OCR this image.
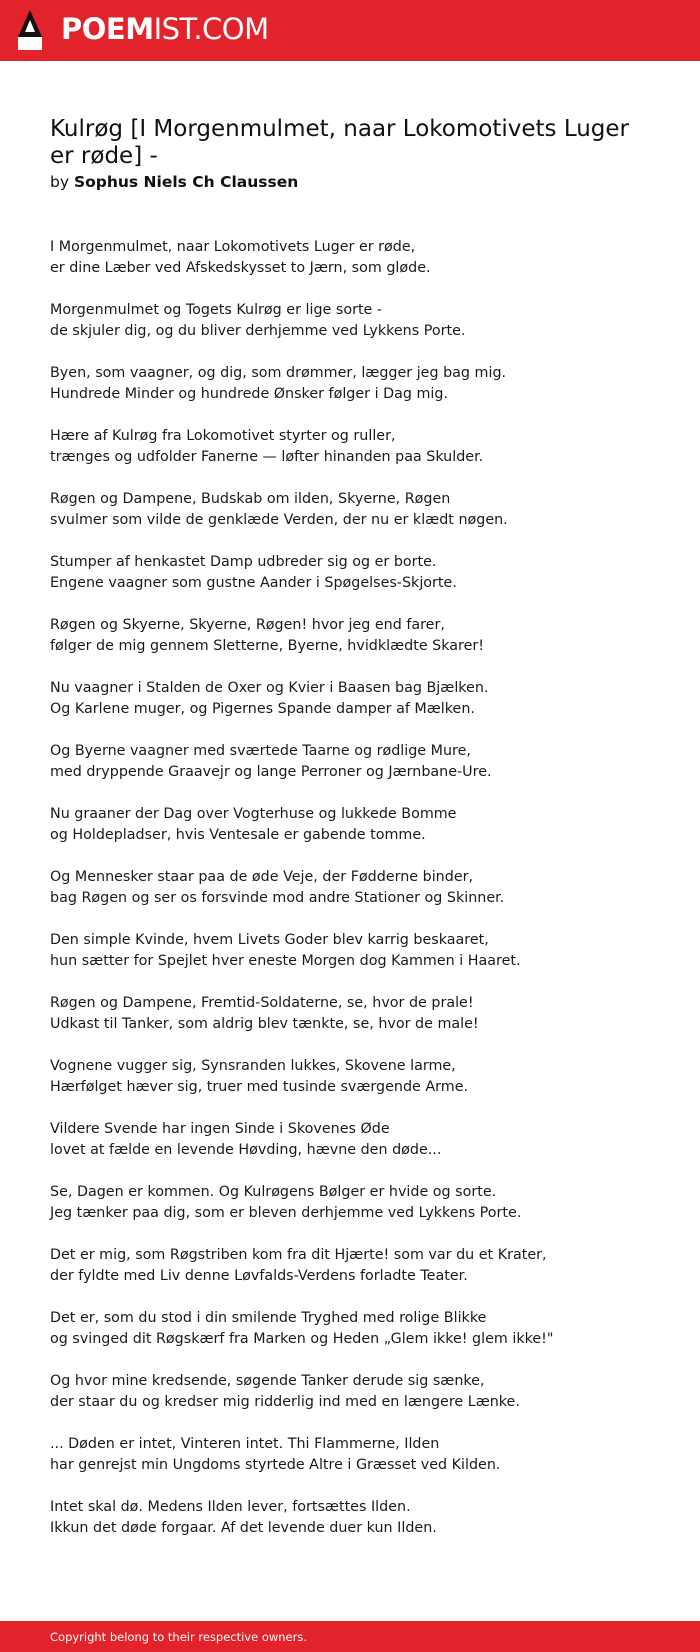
POEMIST.COM
Kulrøg [I Morgenmulmet, naar Lokomotivets Luger er røde] -
by Sophus Niels Ch Claussen
I Morgenmulmet, naar Lokomotivets Luger er røde,
er dine Læber ved Afskedskysset to Jærn, som gløde.
Morgenmulmet og Togets Kulrøg er lige sorte -
de skjuler dig, og du bliver derhjemme ved Lykkens Porte.
Byen, som vaagner, og dig, som drømmer, lægger jeg bag mig.
Hundrede Minder og hundrede Ønsker følger i Dag mig.
Hære af Kulrøg fra Lokomotivet styrter og ruller,
trænges og udfolder Fanerne — løfter hinanden paa Skulder.
Røgen og Dampene, Budskab om ilden, Skyerne, Røgen
svulmer som vilde de genklæde Verden, der nu er klædt nøgen.
Stumper af henkastet Damp udbreder sig og er borte.
Engene vaagner som gustne Aander i Spøgelses-Skjorte.
Røgen og Skyerne, Skyerne, Røgen! hvor jeg end farer,
følger de mig gennem Sletterne, Byerne, hvidklædte Skarer!
Nu vaagner i Stalden de Oxer og Kvier i Baasen bag Bjælken.
Og Karlene muger, og Pigernes Spande damper af Mælken.
Og Byerne vaagner med sværtede Taarne og rødlige Mure,
med dryppende Graavejr og lange Perroner og Jærnbane-Ure.
Nu graaner der Dag over Vogterhuse og lukkede Bomme
og Holdepladser, hvis Ventesale er gabende tomme.
Og Mennesker staar paa de øde Veje, der Fødderne binder,
bag Røgen og ser os forsvinde mod andre Stationer og Skinner.
Den simple Kvinde, hvem Livets Goder blev karrig beskaaret,
hun sætter for Spejlet hver eneste Morgen dog Kammen i Haaret.
Røgen og Dampene, Fremtid-Soldaterne, se, hvor de prale!
Udkast til Tanker, som aldrig blev tænkte, se, hvor de male!
Vognene vugger sig, Synsranden lukkes, Skovene larme,
Hærfølget hæver sig, truer med tusinde sværgende Arme.
Vildere Svende har ingen Sinde i Skovenes Øde
lovet at fælde en levende Høvding, hævne den døde...
Se, Dagen er kommen. Og Kulrøgens Bølger er hvide og sorte.
Jeg tænker paa dig, som er bleven derhjemme ved Lykkens Porte.
Det er mig, som Røgstriben kom fra dit Hjærte! som var du et Krater,
der fyldte med Liv denne Løvfalds-Verdens forladte Teater.
Det er, som du stod i din smilende Tryghed med rolige Blikke
og svinged dit Røgskærf fra Marken og Heden „Glem ikke! glem ikke!"
Og hvor mine kredsende, søgende Tanker derude sig sænke,
der staar du og kredser mig ridderlig ind med en længere Lænke.
... Døden er intet, Vinteren intet. Thi Flammerne, Ilden
har genrejst min Ungdoms styrtede Altre i Græsset ved Kilden.
Intet skal dø. Medens Ilden lever, fortsættes Ilden.
Ikkun det døde forgaar. Af det levende duer kun Ilden.
Copyright belong to their respective owners.
